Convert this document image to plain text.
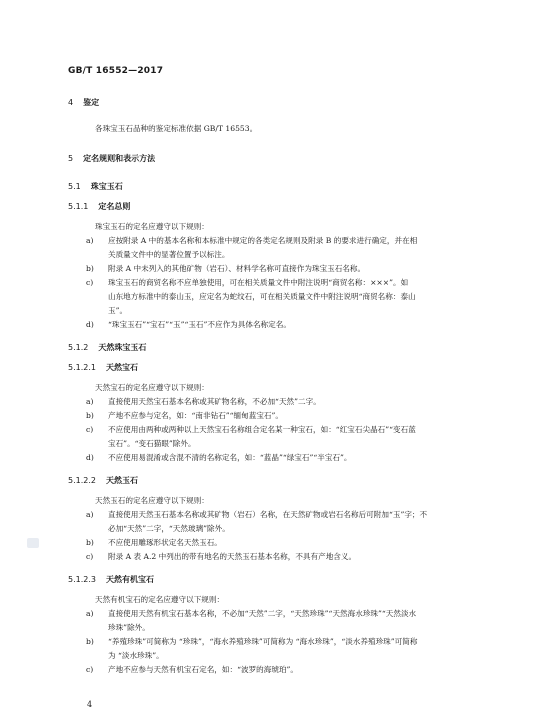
GB/T 16552—2017
4 鉴定
各珠宝玉石品种的鉴定标准依据 GB/T 16553。
5 定名规则和表示方法
5.1 珠宝玉石
5.1.1 定名总则
珠宝玉石的定名应遵守以下规则：
a) 应按附录 A 中的基本名称和本标准中规定的各类定名规则及附录 B 的要求进行确定，并在相
关质量文件中的显著位置予以标注。
b) 附录 A 中未列入的其他矿物（岩石）、材料学名称可直接作为珠宝玉石名称。
c) 珠宝玉石的商贸名称不应单独使用，可在相关质量文件中附注说明“商贸名称：×××”。如
山东地方标准中的泰山玉，应定名为蛇纹石，可在相关质量文件中附注说明“商贸名称：泰山
玉”。
d) “珠宝玉石”“宝石”“玉”“玉石”不应作为具体名称定名。
5.1.2 天然珠宝玉石
5.1.2.1 天然宝石
天然宝石的定名应遵守以下规则：
a) 直接使用天然宝石基本名称或其矿物名称，不必加“天然”二字。
b) 产地不应参与定名，如：“南非钻石”“缅甸蓝宝石”。
c) 不应使用由两种或两种以上天然宝石名称组合定名某一种宝石，如：“红宝石尖晶石”“变石蓝
宝石”。“变石猫眼”除外。
d) 不应使用易混淆或含混不清的名称定名，如：“蓝晶”“绿宝石”“半宝石”。
5.1.2.2 天然玉石
天然玉石的定名应遵守以下规则：
a) 直接使用天然玉石基本名称或其矿物（岩石）名称，在天然矿物或岩石名称后可附加“玉”字；不
必加“天然”二字，“天然玻璃”除外。
b) 不应使用雕琢形状定名天然玉石。
c) 附录 A 表 A.2 中列出的带有地名的天然玉石基本名称，不具有产地含义。
5.1.2.3 天然有机宝石
天然有机宝石的定名应遵守以下规则：
a) 直接使用天然有机宝石基本名称，不必加“天然”二字，“天然珍珠”“天然海水珍珠”“天然淡水
珍珠”除外。
b) “养殖珍珠”可简称为 “珍珠”，“海水养殖珍珠”可简称为 “海水珍珠”，“淡水养殖珍珠”可简称
为 “淡水珍珠”。
c) 产地不应参与天然有机宝石定名，如：“波罗的海琥珀”。
4
